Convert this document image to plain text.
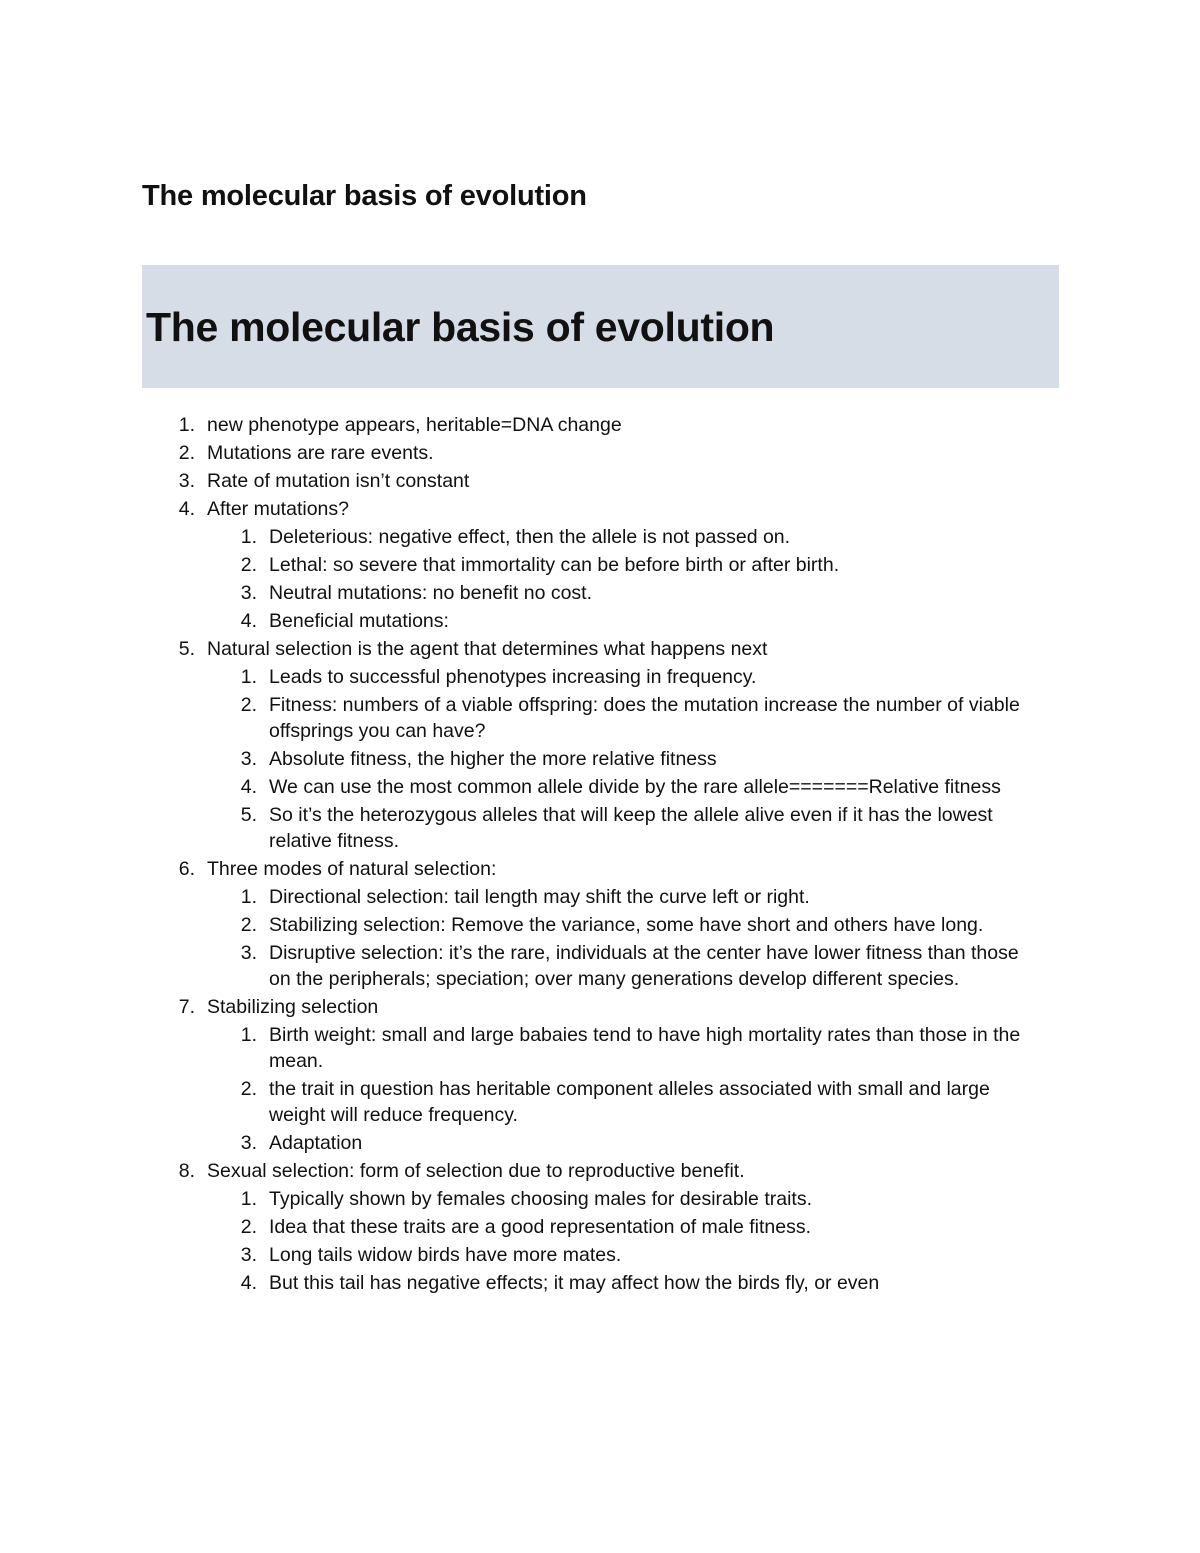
The molecular basis of evolution
The molecular basis of evolution
1. new phenotype appears, heritable=DNA change
2. Mutations are rare events.
3. Rate of mutation isn’t constant
4. After mutations?
1. Deleterious: negative effect, then the allele is not passed on.
2. Lethal: so severe that immortality can be before birth or after birth.
3. Neutral mutations: no benefit no cost.
4. Beneficial mutations:
5. Natural selection is the agent that determines what happens next
1. Leads to successful phenotypes increasing in frequency.
2. Fitness: numbers of a viable offspring: does the mutation increase the number of viable offsprings you can have?
3. Absolute fitness, the higher the more relative fitness
4. We can use the most common allele divide by the rare allele=======Relative fitness
5. So it’s the heterozygous alleles that will keep the allele alive even if it has the lowest relative fitness.
6. Three modes of natural selection:
1. Directional selection: tail length may shift the curve left or right.
2. Stabilizing selection: Remove the variance, some have short and others have long.
3. Disruptive selection: it’s the rare, individuals at the center have lower fitness than those on the peripherals; speciation; over many generations develop different species.
7. Stabilizing selection
1. Birth weight: small and large babaies tend to have high mortality rates than those in the mean.
2. the trait in question has heritable component alleles associated with small and large weight will reduce frequency.
3. Adaptation
8. Sexual selection: form of selection due to reproductive benefit.
1. Typically shown by females choosing males for desirable traits.
2. Idea that these traits are a good representation of male fitness.
3. Long tails widow birds have more mates.
4. But this tail has negative effects; it may affect how the birds fly, or even
